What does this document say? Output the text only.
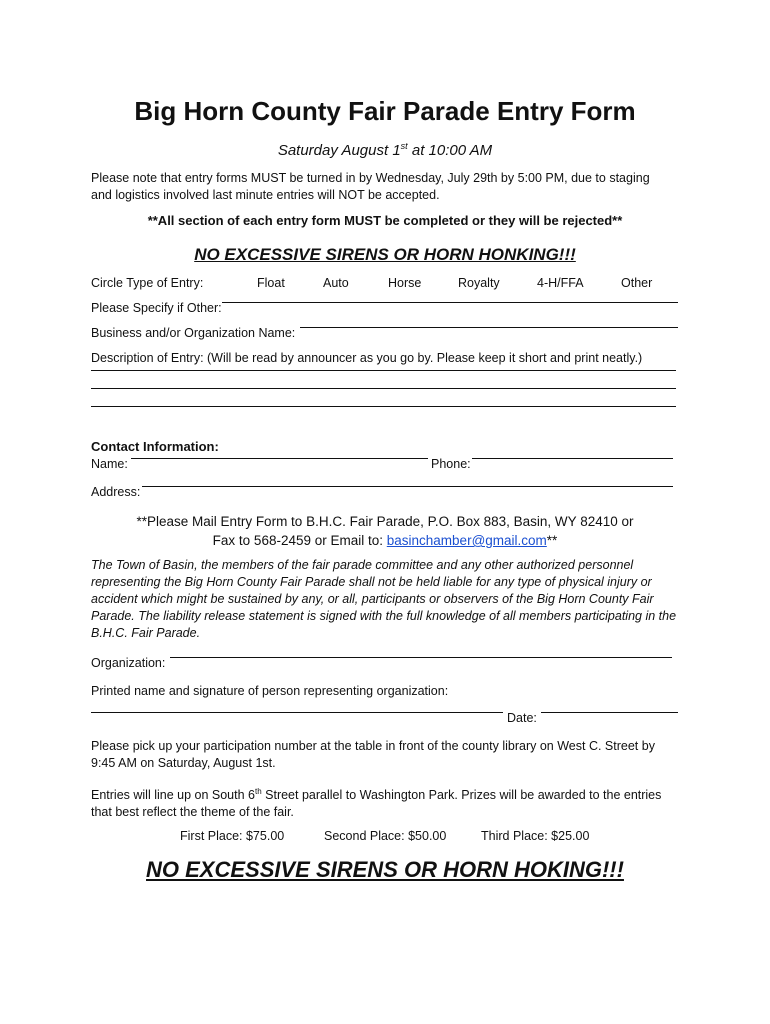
Big Horn County Fair Parade Entry Form
Saturday August 1st at 10:00 AM
Please note that entry forms MUST be turned in by Wednesday, July 29th by 5:00 PM, due to staging
and logistics involved last minute entries will NOT be accepted.
**All section of each entry form MUST be completed or they will be rejected**
NO EXCESSIVE SIRENS OR HORN HONKING!!!
Circle Type of Entry:	Float	Auto	Horse	Royalty	4-H/FFA	Other
Please Specify if Other:
Business and/or Organization Name:
Description of Entry: (Will be read by announcer as you go by. Please keep it short and print neatly.)
Contact Information:
Name:	Phone:
Address:
**Please Mail Entry Form to B.H.C. Fair Parade, P.O. Box 883, Basin, WY 82410 or
Fax to 568-2459 or Email to: basinchamber@gmail.com**
The Town of Basin, the members of the fair parade committee and any other authorized personnel representing the Big Horn County Fair Parade shall not be held liable for any type of physical injury or accident which might be sustained by any, or all, participants or observers of the Big Horn County Fair Parade. The liability release statement is signed with the full knowledge of all members participating in the B.H.C. Fair Parade.
Organization:
Printed name and signature of person representing organization:
Date:
Please pick up your participation number at the table in front of the county library on West C. Street by 9:45 AM on Saturday, August 1st.
Entries will line up on South 6th Street parallel to Washington Park. Prizes will be awarded to the entries that best reflect the theme of the fair.
First Place: $75.00	Second Place: $50.00	Third Place: $25.00
NO EXCESSIVE SIRENS OR HORN HOKING!!!
